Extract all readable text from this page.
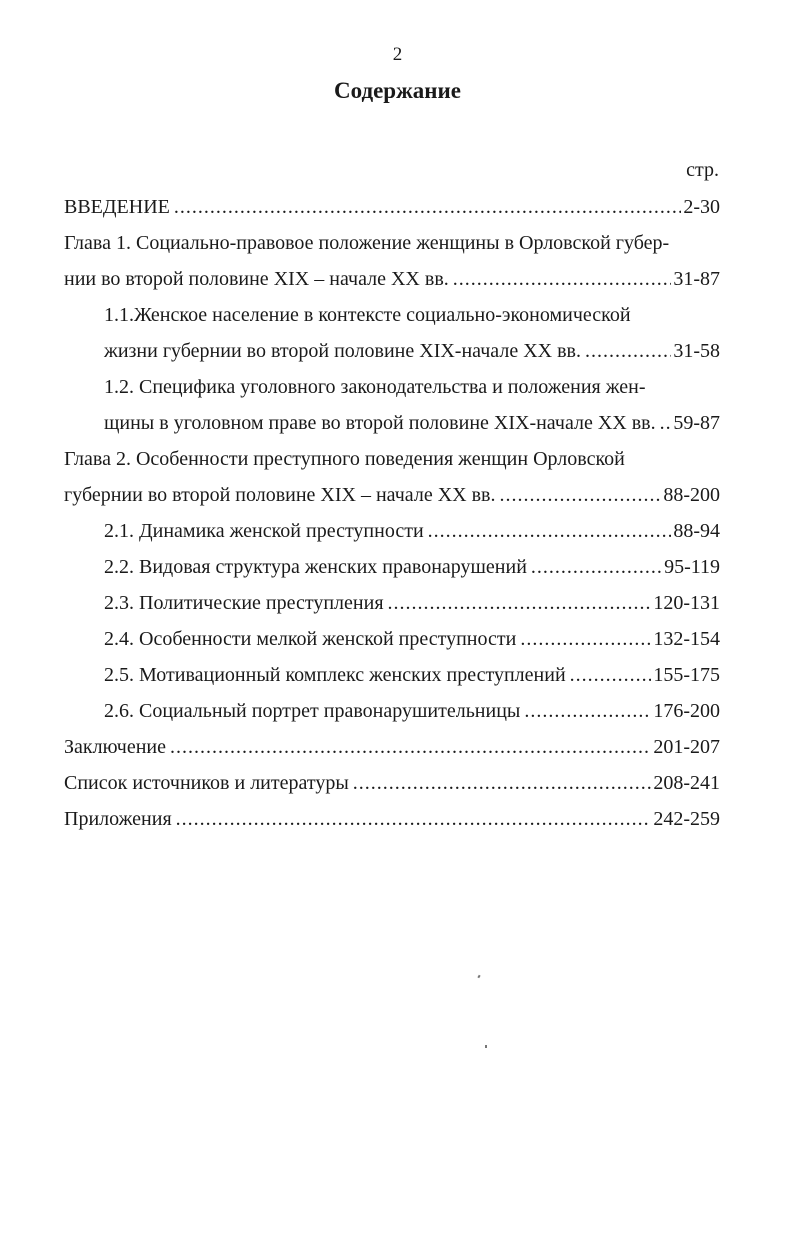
2
Содержание
стр.
ВВЕДЕНИЕ .....	2-30
Глава 1. Социально-правовое положение женщины в Орловской губер-
нии во второй половине XIX – начале XX вв. .....	31-87
1.1.Женское население в контексте социально-экономической
жизни губернии во второй половине XIX-начале XX вв. .....	31-58
1.2. Специфика уголовного законодательства и положения жен-
щины в уголовном праве во второй половине XIX-начале XX вв. ..... 59-87
Глава 2. Особенности преступного поведения женщин Орловской
губернии во второй половине XIX – начале XX вв. .....	88-200
2.1. Динамика женской преступности .....	88-94
2.2. Видовая структура женских правонарушений .....	95-119
2.3. Политические преступления .....	120-131
2.4. Особенности мелкой женской преступности .....	132-154
2.5. Мотивационный комплекс женских преступлений .....	155-175
2.6. Социальный портрет правонарушительницы .....	176-200
Заключение .....	201-207
Список источников и литературы .....	208-241
Приложения .....	242-259
